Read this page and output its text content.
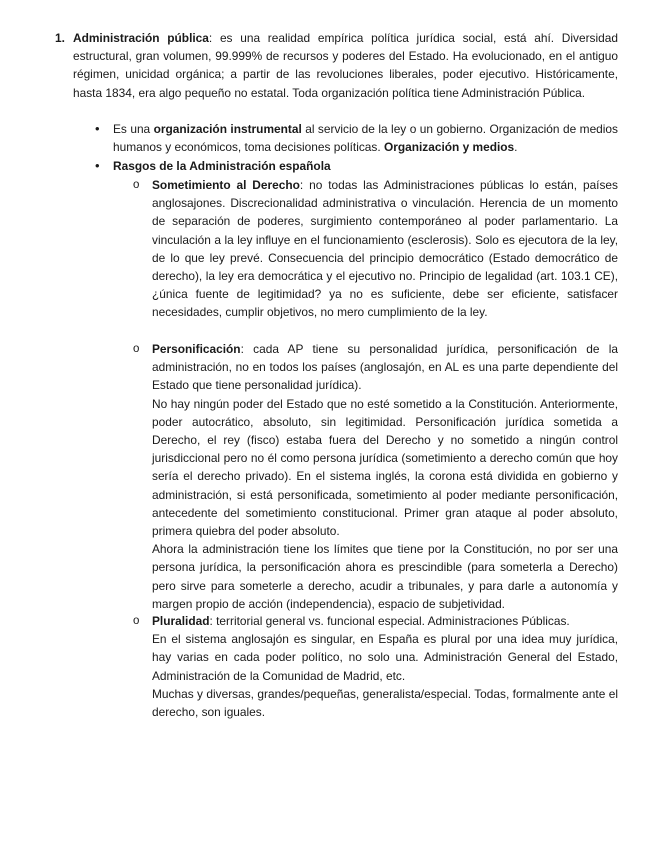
1. Administración pública: es una realidad empírica política jurídica social, está ahí. Diversidad estructural, gran volumen, 99.999% de recursos y poderes del Estado. Ha evolucionado, en el antiguo régimen, unicidad orgánica; a partir de las revoluciones liberales, poder ejecutivo. Históricamente, hasta 1834, era algo pequeño no estatal. Toda organización política tiene Administración Pública.

• Es una organización instrumental al servicio de la ley o un gobierno. Organización de medios humanos y económicos, toma decisiones políticas. Organización y medios.

• Rasgos de la Administración española

o Sometimiento al Derecho: no todas las Administraciones públicas lo están, países anglosajones. Discrecionalidad administrativa o vinculación. Herencia de un momento de separación de poderes, surgimiento contemporáneo al poder parlamentario. La vinculación a la ley influye en el funcionamiento (esclerosis). Solo es ejecutora de la ley, de lo que ley prevé. Consecuencia del principio democrático (Estado democrático de derecho), la ley era democrática y el ejecutivo no. Principio de legalidad (art. 103.1 CE), ¿única fuente de legitimidad? ya no es suficiente, debe ser eficiente, satisfacer necesidades, cumplir objetivos, no mero cumplimiento de la ley.

o Personificación: cada AP tiene su personalidad jurídica, personificación de la administración, no en todos los países (anglosajón, en AL es una parte dependiente del Estado que tiene personalidad jurídica).

No hay ningún poder del Estado que no esté sometido a la Constitución. Anteriormente, poder autocrático, absoluto, sin legitimidad. Personificación jurídica sometida a Derecho, el rey (fisco) estaba fuera del Derecho y no sometido a ningún control jurisdiccional pero no él como persona jurídica (sometimiento a derecho común que hoy sería el derecho privado). En el sistema inglés, la corona está dividida en gobierno y administración, si está personificada, sometimiento al poder mediante personificación, antecedente del sometimiento constitucional. Primer gran ataque al poder absoluto, primera quiebra del poder absoluto.

Ahora la administración tiene los límites que tiene por la Constitución, no por ser una persona jurídica, la personificación ahora es prescindible (para someterla a Derecho) pero sirve para someterle a derecho, acudir a tribunales, y para darle a autonomía y margen propio de acción (independencia), espacio de subjetividad.

o Pluralidad: territorial general vs. funcional especial. Administraciones Públicas.

En el sistema anglosajón es singular, en España es plural por una idea muy jurídica, hay varias en cada poder político, no solo una. Administración General del Estado, Administración de la Comunidad de Madrid, etc.

Muchas y diversas, grandes/pequeñas, generalista/especial. Todas, formalmente ante el derecho, son iguales.
